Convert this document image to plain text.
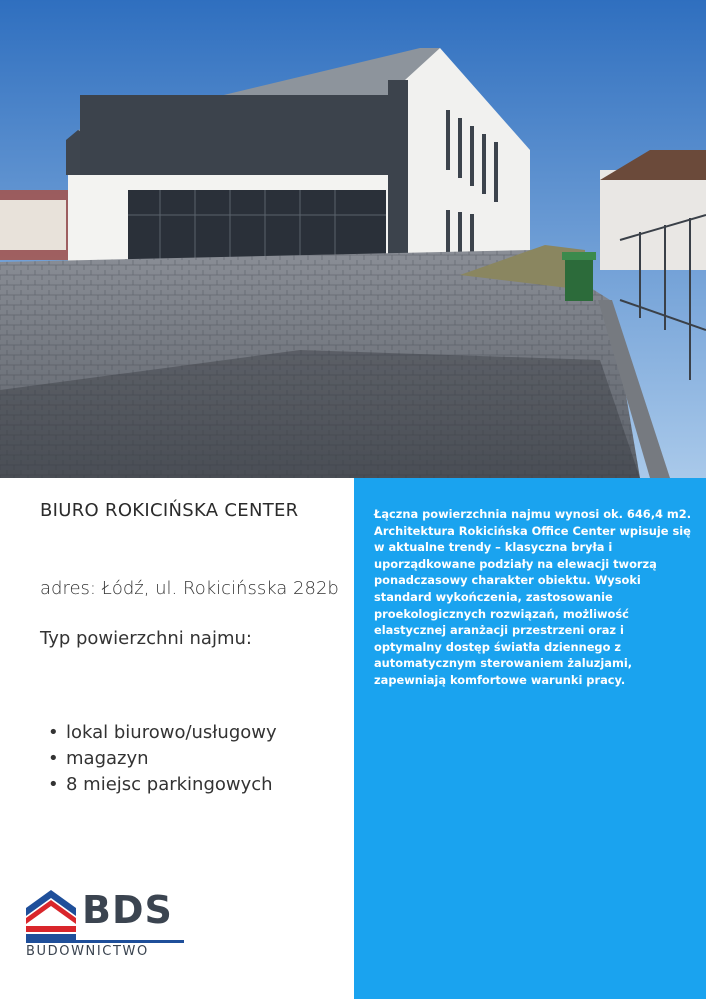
BIURO ROKICIŃSKA CENTER
adres: Łódź, ul. Rokicińsska 282b
Typ powierzchni najmu:
• lokal biurowo/usługowy
• magazyn
• 8 miejsc parkingowych
BDS
BUDOWNICTWO
Łączna powierzchnia najmu wynosi ok. 646,4 m2. Architektura Rokicińska Office Center wpisuje się w aktualne trendy – klasyczna bryła i uporządkowane podziały na elewacji tworzą ponadczasowy charakter obiektu. Wysoki standard wykończenia, zastosowanie proekologicznych rozwiązań, możliwość elastycznej aranżacji przestrzeni oraz i optymalny dostęp światła dziennego z automatycznym sterowaniem żaluzjami, zapewniają komfortowe warunki pracy.
